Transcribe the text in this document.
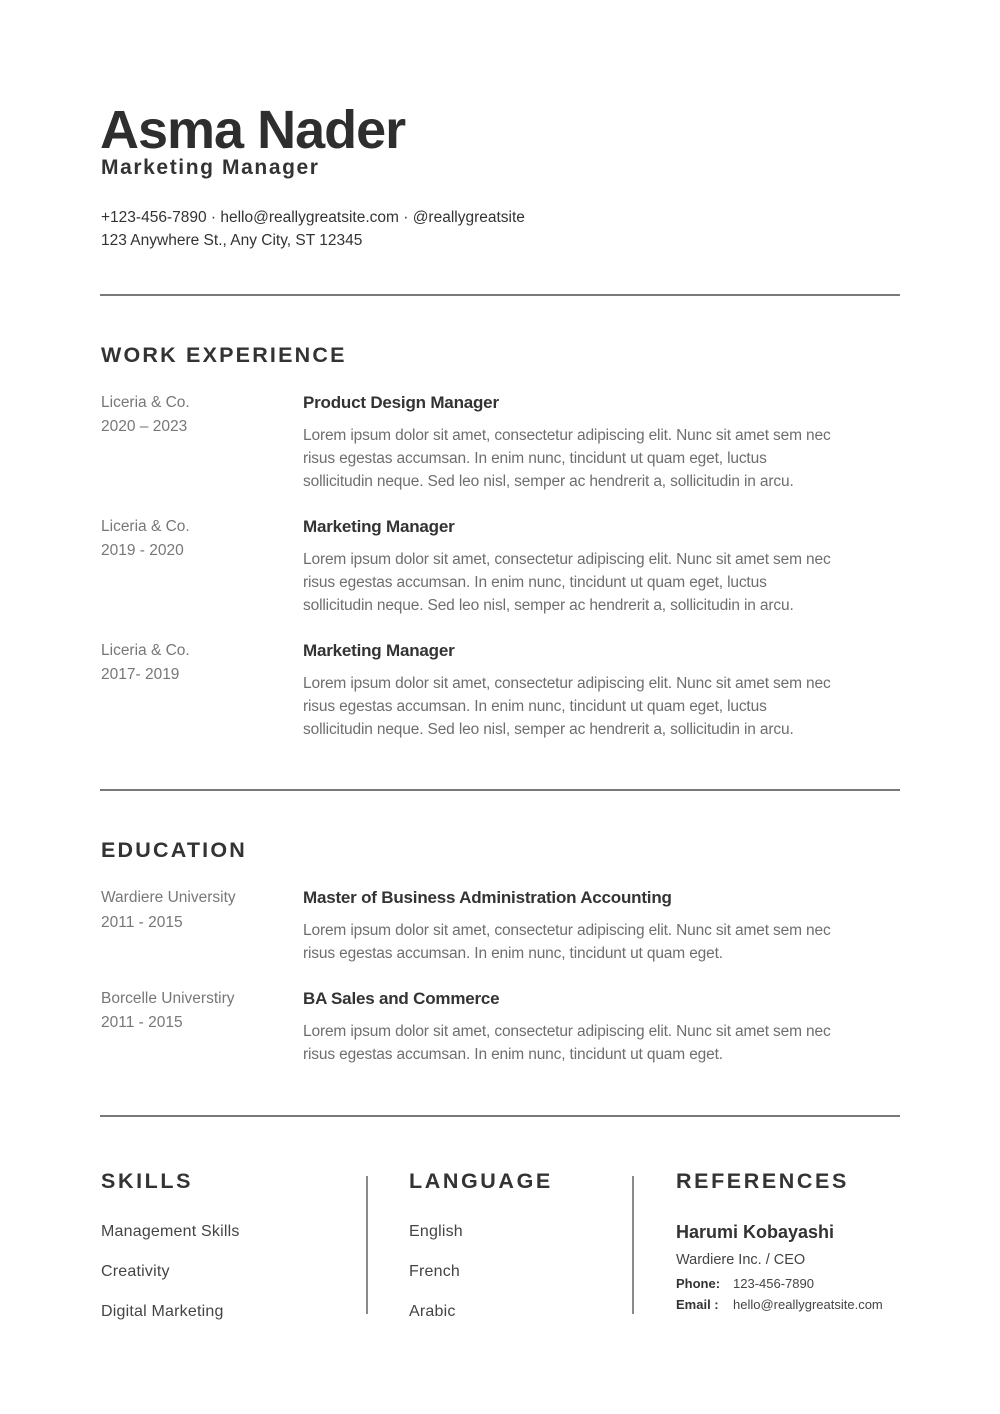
Asma Nader
Marketing Manager
+123-456-7890 · hello@reallygreatsite.com · @reallygreatsite
123 Anywhere St., Any City, ST 12345
WORK EXPERIENCE
Liceria & Co.
2020 – 2023
Product Design Manager
Lorem ipsum dolor sit amet, consectetur adipiscing elit. Nunc sit amet sem nec
risus egestas accumsan. In enim nunc, tincidunt ut quam eget, luctus
sollicitudin neque. Sed leo nisl, semper ac hendrerit a, sollicitudin in arcu.
Liceria & Co.
2019 - 2020
Marketing Manager
Lorem ipsum dolor sit amet, consectetur adipiscing elit. Nunc sit amet sem nec
risus egestas accumsan. In enim nunc, tincidunt ut quam eget, luctus
sollicitudin neque. Sed leo nisl, semper ac hendrerit a, sollicitudin in arcu.
Liceria & Co.
2017- 2019
Marketing Manager
Lorem ipsum dolor sit amet, consectetur adipiscing elit. Nunc sit amet sem nec
risus egestas accumsan. In enim nunc, tincidunt ut quam eget, luctus
sollicitudin neque. Sed leo nisl, semper ac hendrerit a, sollicitudin in arcu.
EDUCATION
Wardiere University
2011 - 2015
Master of Business Administration Accounting
Lorem ipsum dolor sit amet, consectetur adipiscing elit. Nunc sit amet sem nec
risus egestas accumsan. In enim nunc, tincidunt ut quam eget.
Borcelle Universtiry
2011 - 2015
BA Sales and Commerce
Lorem ipsum dolor sit amet, consectetur adipiscing elit. Nunc sit amet sem nec
risus egestas accumsan. In enim nunc, tincidunt ut quam eget.
SKILLS
Management Skills
Creativity
Digital Marketing
LANGUAGE
English
French
Arabic
REFERENCES
Harumi Kobayashi
Wardiere Inc. / CEO
Phone: 123-456-7890
Email : hello@reallygreatsite.com
